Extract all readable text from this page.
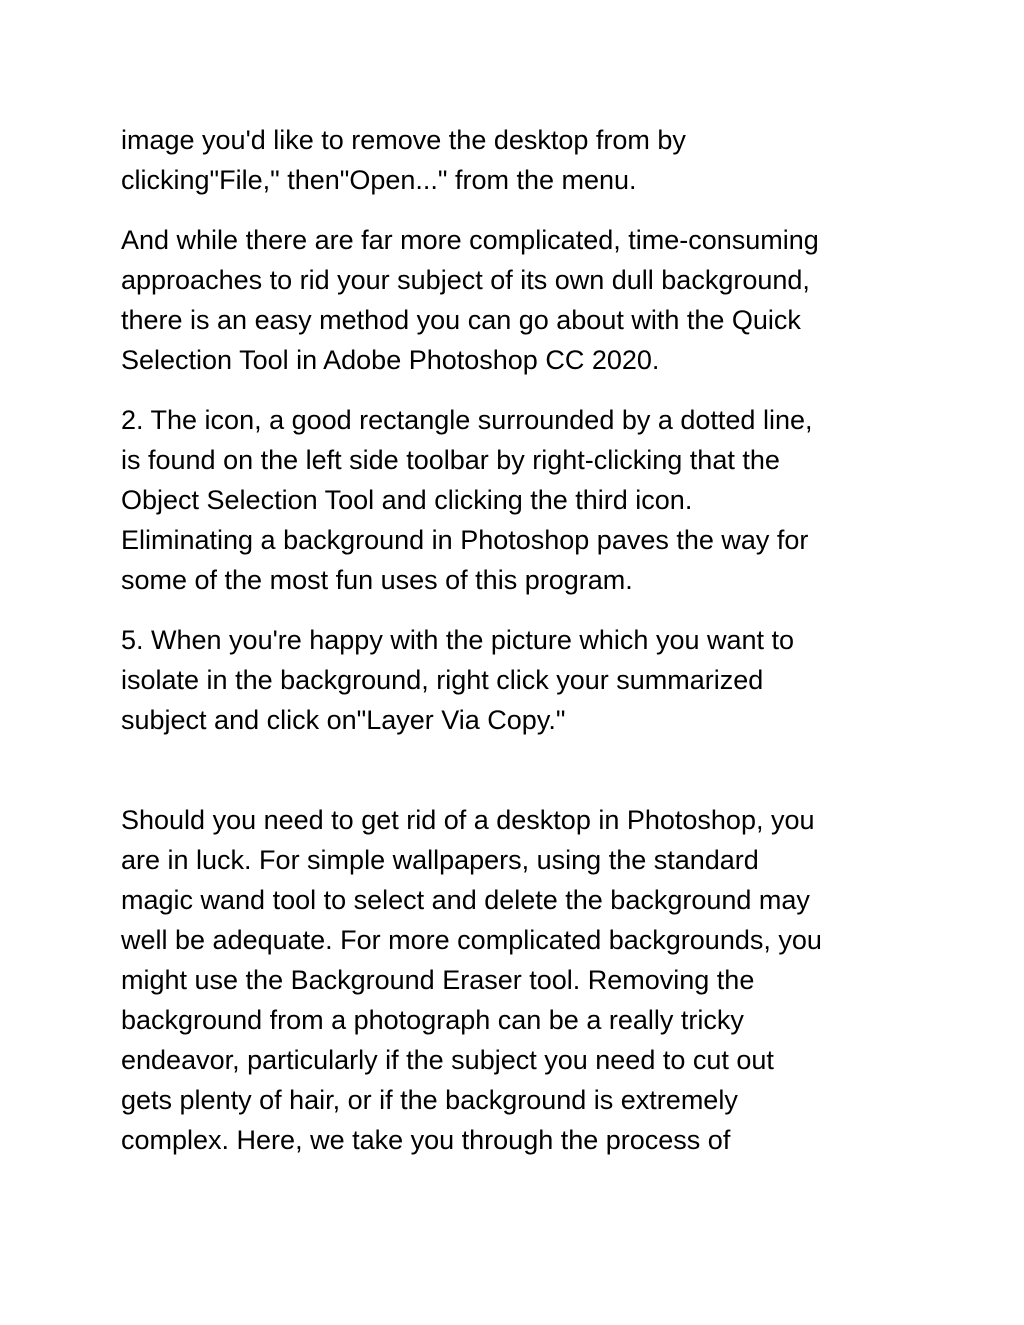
image you'd like to remove the desktop from by
clicking"File," then"Open..." from the menu.

And while there are far more complicated, time-consuming
approaches to rid your subject of its own dull background,
there is an easy method you can go about with the Quick
Selection Tool in Adobe Photoshop CC 2020.

2. The icon, a good rectangle surrounded by a dotted line,
is found on the left side toolbar by right-clicking that the
Object Selection Tool and clicking the third icon.
Eliminating a background in Photoshop paves the way for
some of the most fun uses of this program.

5. When you're happy with the picture which you want to
isolate in the background, right click your summarized
subject and click on"Layer Via Copy."

Should you need to get rid of a desktop in Photoshop, you
are in luck. For simple wallpapers, using the standard
magic wand tool to select and delete the background may
well be adequate. For more complicated backgrounds, you
might use the Background Eraser tool. Removing the
background from a photograph can be a really tricky
endeavor, particularly if the subject you need to cut out
gets plenty of hair, or if the background is extremely
complex. Here, we take you through the process of
